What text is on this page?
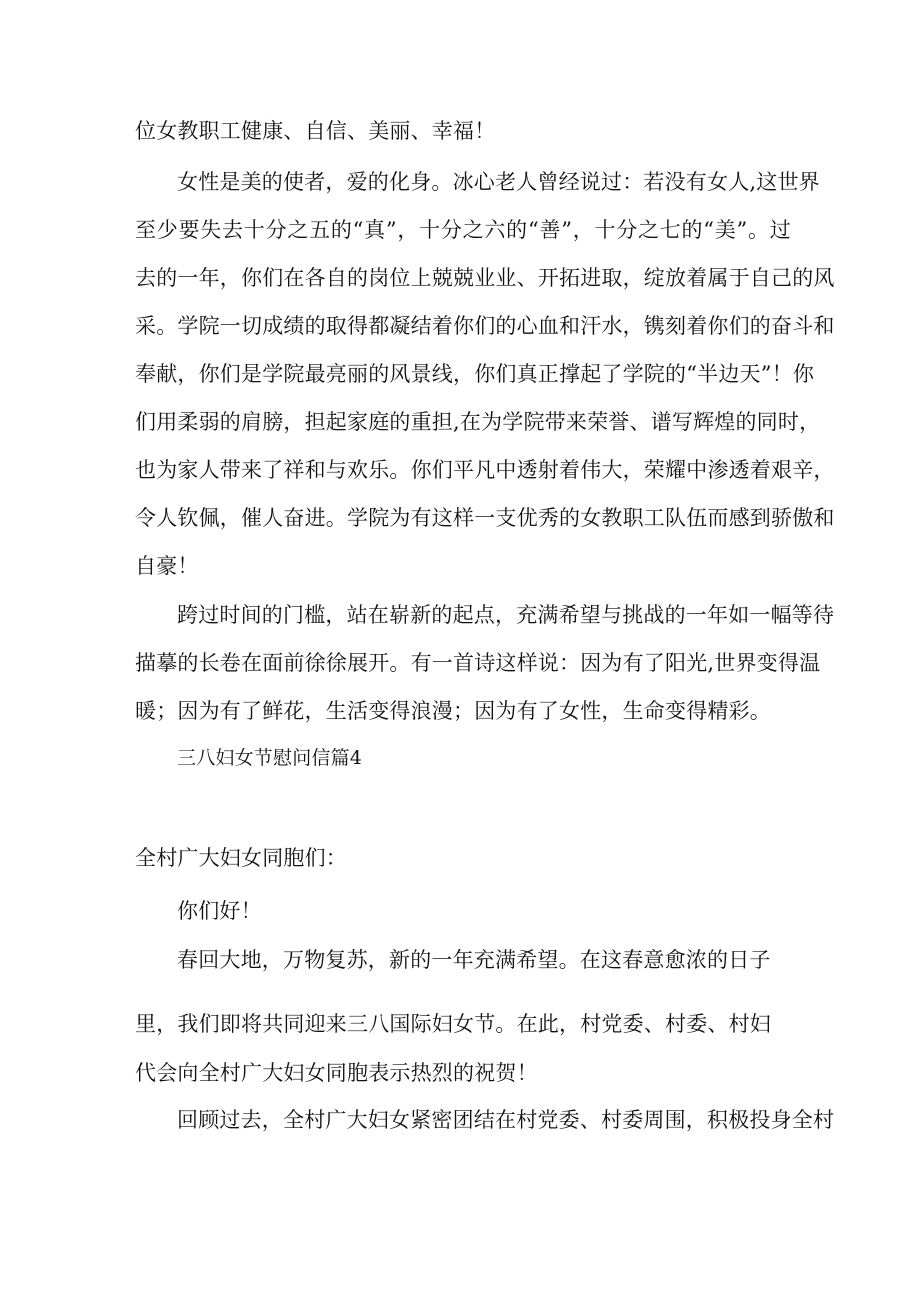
位女教职工健康、自信、美丽、幸福！
女性是美的使者，爱的化身。冰心老人曾经说过：若没有女人,这世界
至少要失去十分之五的“真”，十分之六的“善”，十分之七的“美”。过
去的一年，你们在各自的岗位上兢兢业业、开拓进取，绽放着属于自己的风
采。学院一切成绩的取得都凝结着你们的心血和汗水，镌刻着你们的奋斗和
奉献，你们是学院最亮丽的风景线，你们真正撑起了学院的“半边天”！你
们用柔弱的肩膀，担起家庭的重担,在为学院带来荣誉、谱写辉煌的同时，
也为家人带来了祥和与欢乐。你们平凡中透射着伟大，荣耀中渗透着艰辛，
令人钦佩，催人奋进。学院为有这样一支优秀的女教职工队伍而感到骄傲和
自豪！
跨过时间的门槛，站在崭新的起点，充满希望与挑战的一年如一幅等待
描摹的长卷在面前徐徐展开。有一首诗这样说：因为有了阳光,世界变得温
暖；因为有了鲜花，生活变得浪漫；因为有了女性，生命变得精彩。
三八妇女节慰问信篇4
全村广大妇女同胞们：
你们好！
春回大地，万物复苏，新的一年充满希望。在这春意愈浓的日子
里，我们即将共同迎来三八国际妇女节。在此，村党委、村委、村妇
代会向全村广大妇女同胞表示热烈的祝贺！
回顾过去，全村广大妇女紧密团结在村党委、村委周围，积极投身全村
